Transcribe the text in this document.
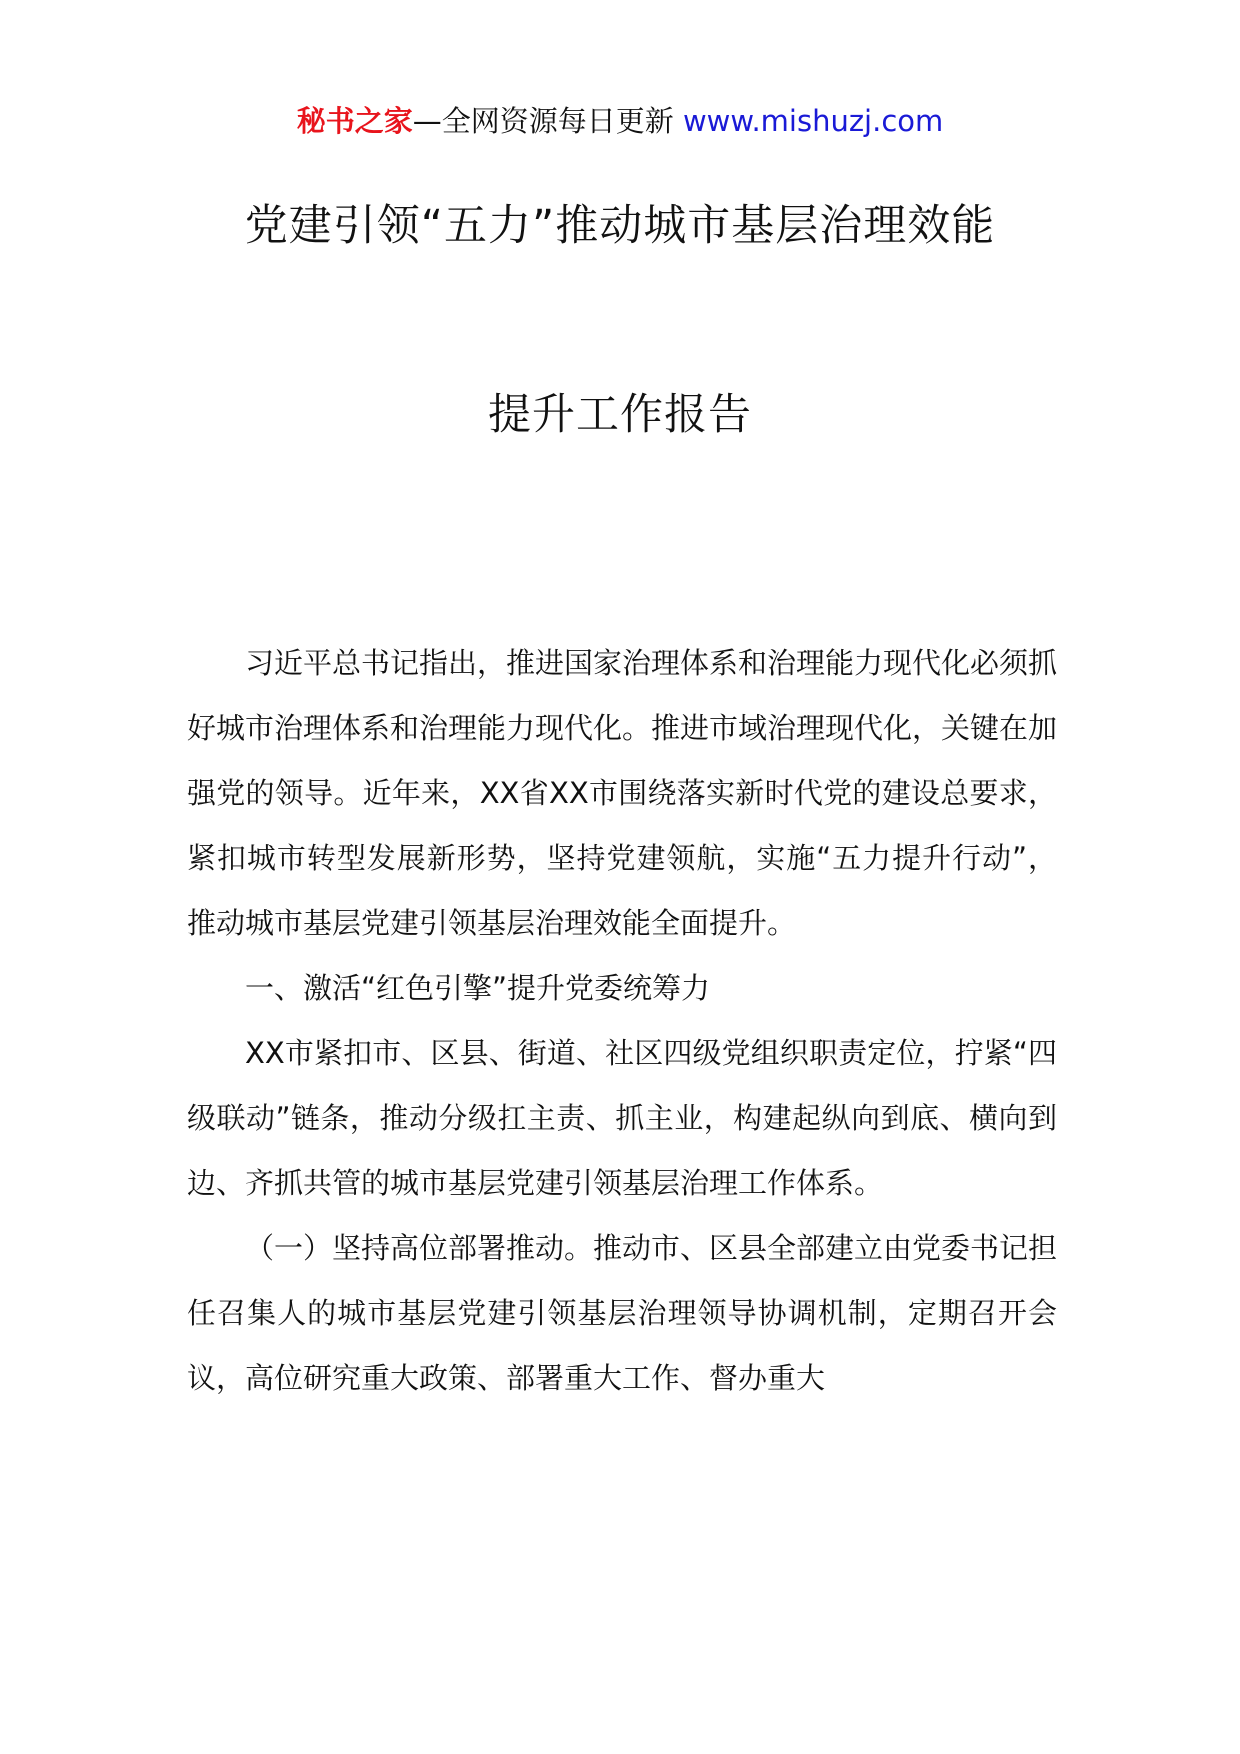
秘书之家—全网资源每日更新 www.mishuzj.com
党建引领“五力”推动城市基层治理效能
提升工作报告

习近平总书记指出，推进国家治理体系和治理能力现代化必须抓好城市治理体系和治理能力现代化。推进市域治理现代化，关键在加强党的领导。近年来，XX省XX市围绕落实新时代党的建设总要求，紧扣城市转型发展新形势，坚持党建领航，实施“五力提升行动”，推动城市基层党建引领基层治理效能全面提升。

一、激活“红色引擎”提升党委统筹力

XX市紧扣市、区县、街道、社区四级党组织职责定位，拧紧“四级联动”链条，推动分级扛主责、抓主业，构建起纵向到底、横向到边、齐抓共管的城市基层党建引领基层治理工作体系。

（一）坚持高位部署推动。推动市、区县全部建立由党委书记担任召集人的城市基层党建引领基层治理领导协调机制，定期召开会议，高位研究重大政策、部署重大工作、督办重大
